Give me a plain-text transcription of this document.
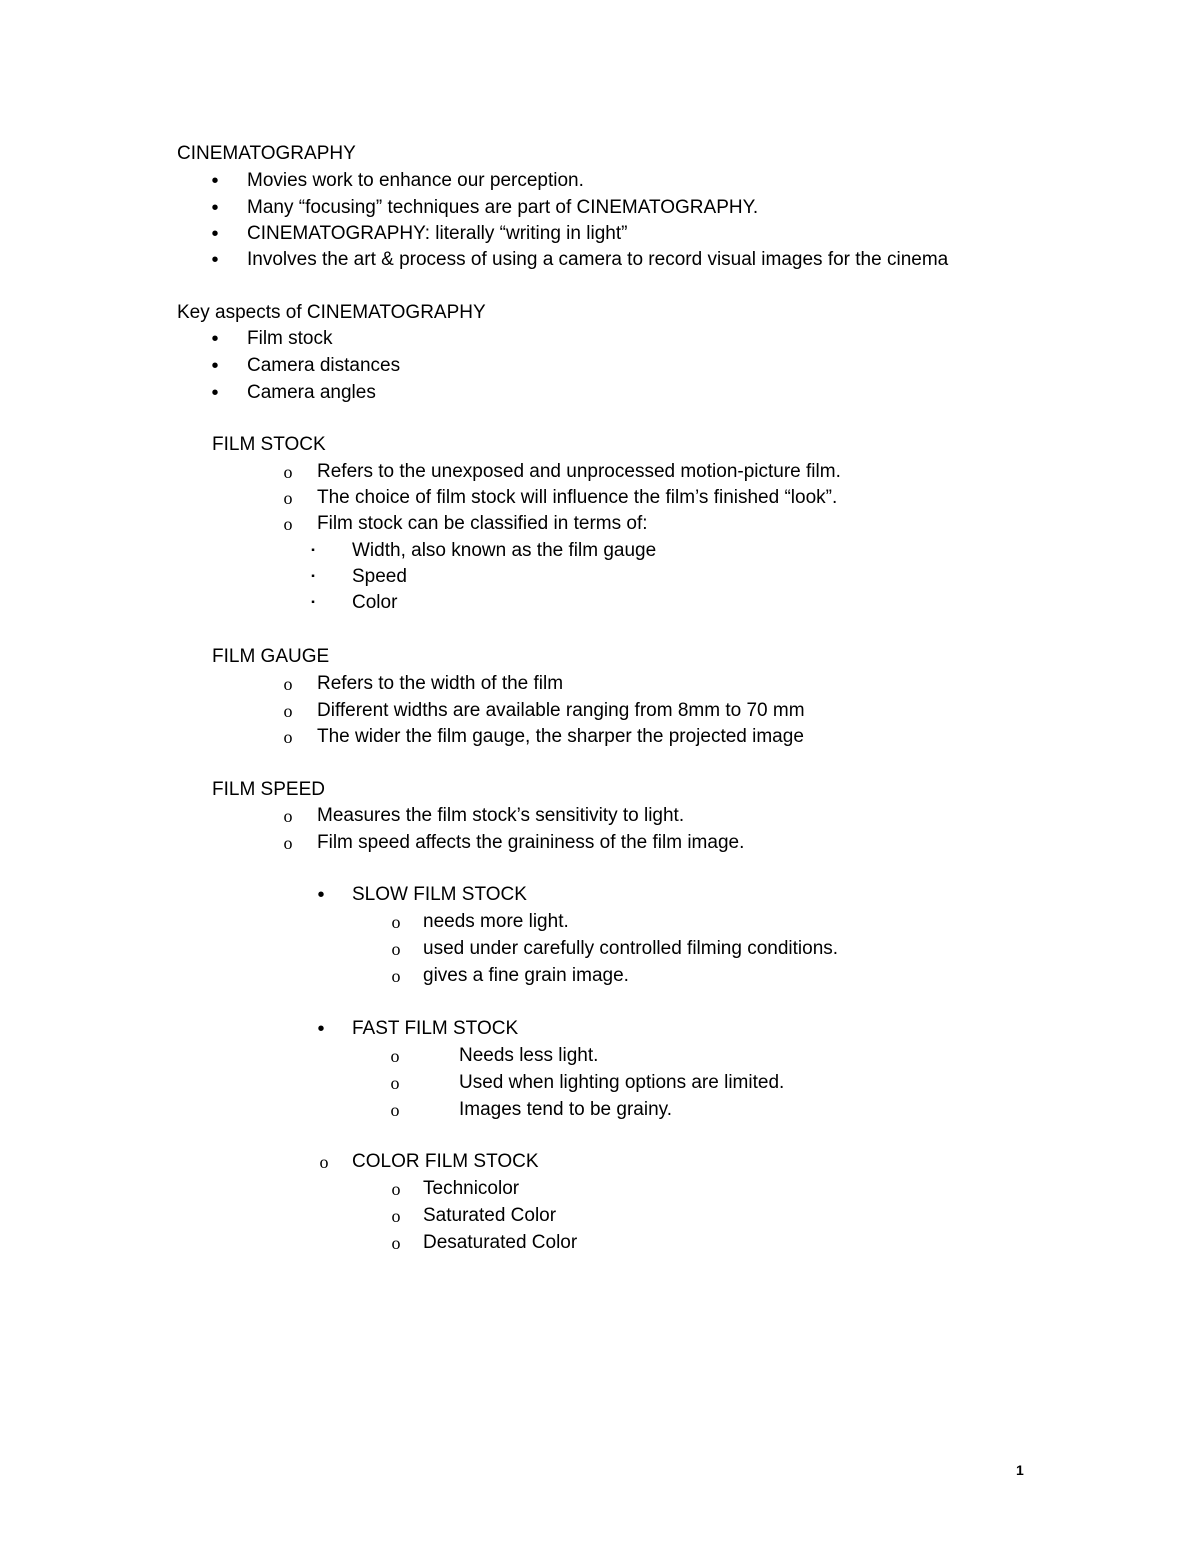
CINEMATOGRAPHY
• Movies work to enhance our perception.
• Many “focusing” techniques are part of CINEMATOGRAPHY.
• CINEMATOGRAPHY: literally “writing in light”
• Involves the art & process of using a camera to record visual images for the cinema
Key aspects of CINEMATOGRAPHY
• Film stock
• Camera distances
• Camera angles
FILM STOCK
o Refers to the unexposed and unprocessed motion-picture film.
o The choice of film stock will influence the film’s finished “look”.
o Film stock can be classified in terms of:
▪ Width, also known as the film gauge
▪ Speed
▪ Color
FILM GAUGE
o Refers to the width of the film
o Different widths are available ranging from 8mm to 70 mm
o The wider the film gauge, the sharper the projected image
FILM SPEED
o Measures the film stock’s sensitivity to light.
o Film speed affects the graininess of the film image.
• SLOW FILM STOCK
o needs more light.
o used under carefully controlled filming conditions.
o gives a fine grain image.
• FAST FILM STOCK
o	Needs less light.
o	Used when lighting options are limited.
o	Images tend to be grainy.
o COLOR FILM STOCK
o Technicolor
o Saturated Color
o Desaturated Color
1
